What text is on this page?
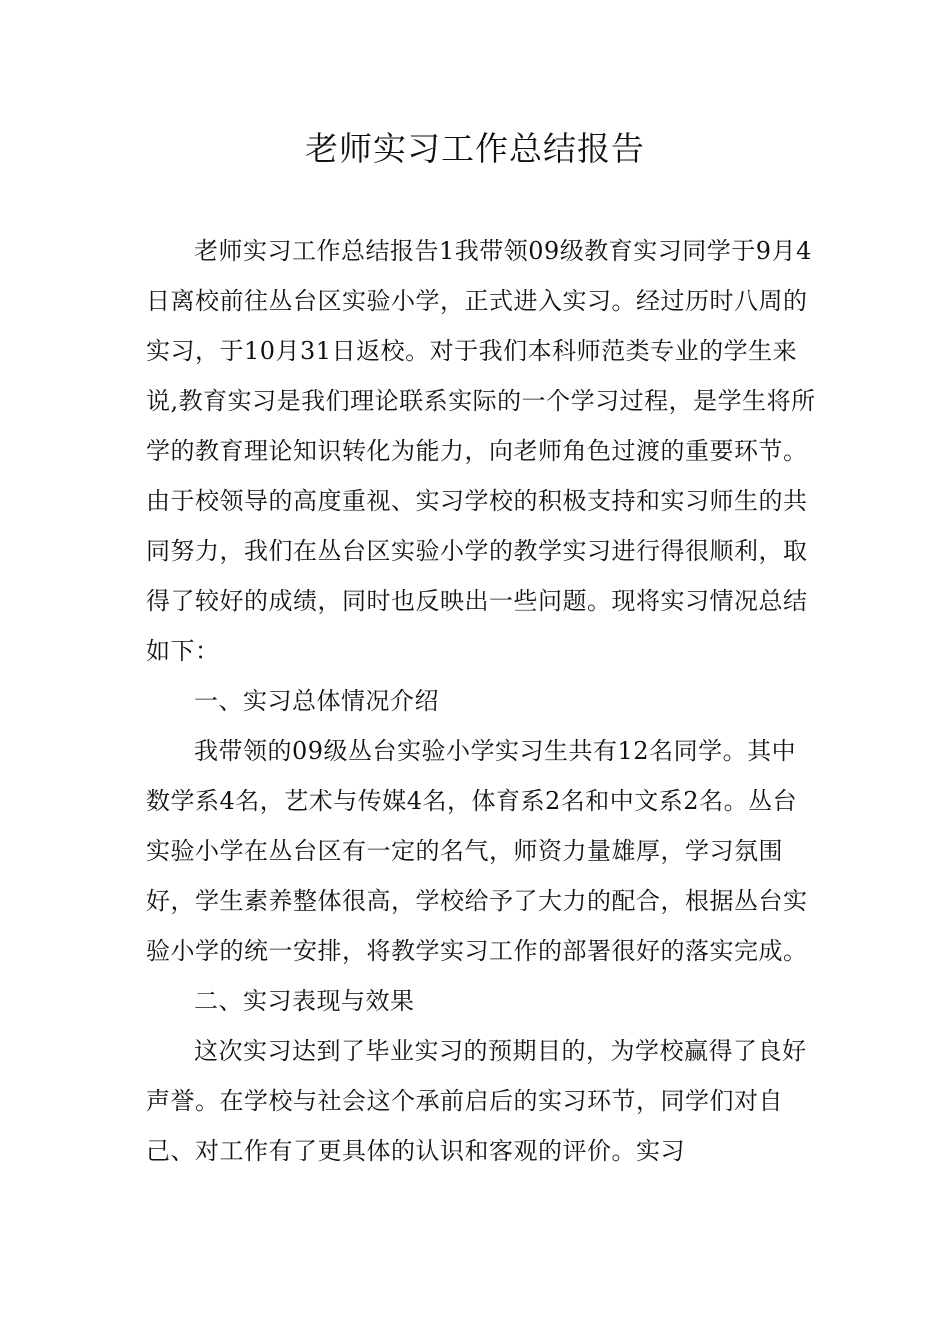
老师实习工作总结报告

老师实习工作总结报告1我带领09级教育实习同学于9月4日离校前往丛台区实验小学，正式进入实习。经过历时八周的实习，于10月31日返校。对于我们本科师范类专业的学生来说,教育实习是我们理论联系实际的一个学习过程，是学生将所学的教育理论知识转化为能力，向老师角色过渡的重要环节。由于校领导的高度重视、实习学校的积极支持和实习师生的共同努力，我们在丛台区实验小学的教学实习进行得很顺利，取得了较好的成绩，同时也反映出一些问题。现将实习情况总结如下：

一、实习总体情况介绍

我带领的09级丛台实验小学实习生共有12名同学。其中数学系4名，艺术与传媒4名，体育系2名和中文系2名。丛台实验小学在丛台区有一定的名气，师资力量雄厚，学习氛围好，学生素养整体很高，学校给予了大力的配合，根据丛台实验小学的统一安排，将教学实习工作的部署很好的落实完成。

二、实习表现与效果

这次实习达到了毕业实习的预期目的，为学校赢得了良好声誉。在学校与社会这个承前启后的实习环节，同学们对自己、对工作有了更具体的认识和客观的评价。实习
